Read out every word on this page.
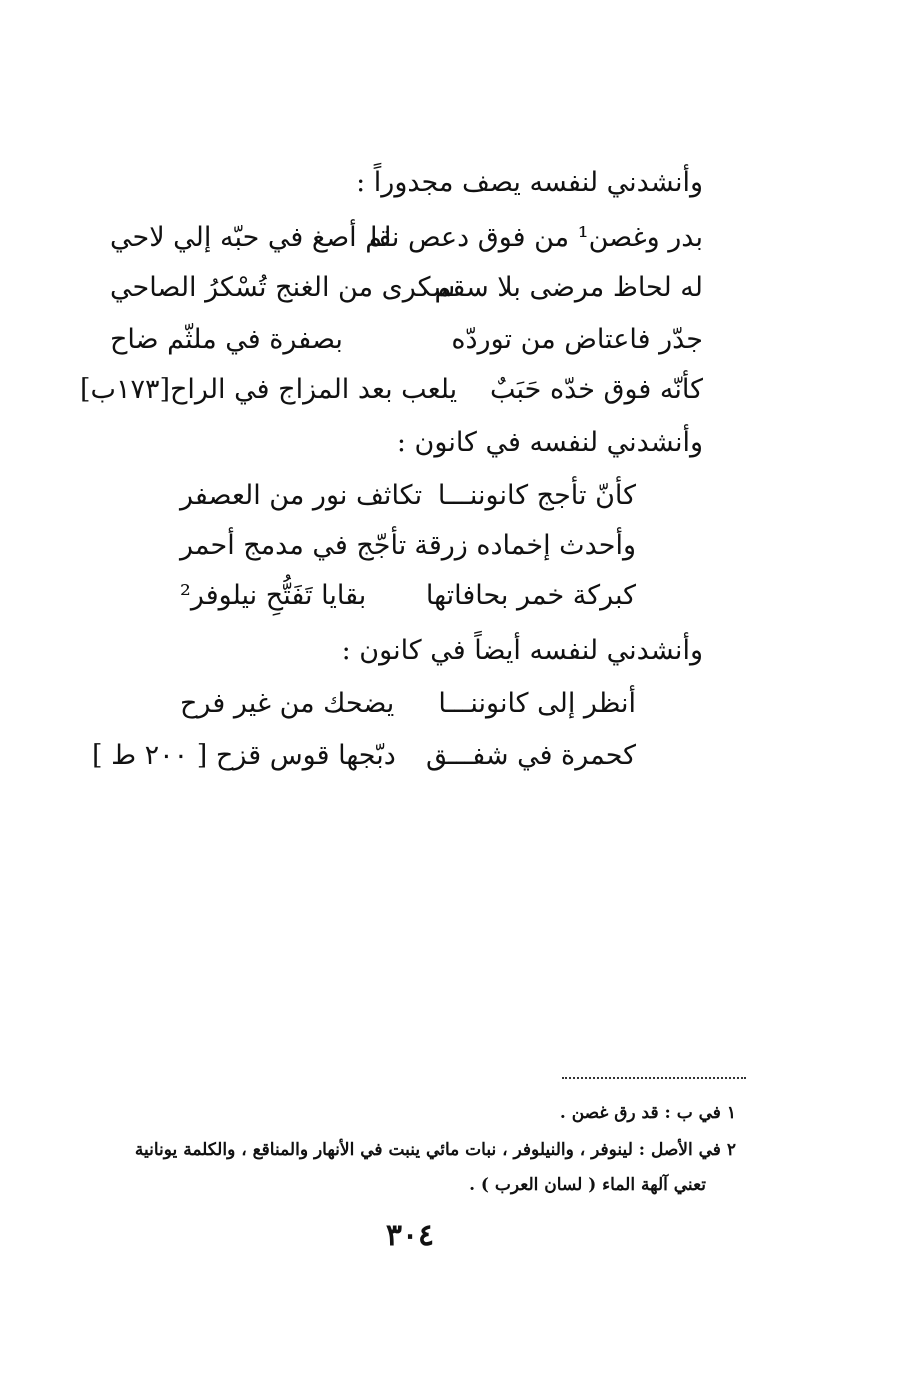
وأنشدني لنفسه يصف مجدوراً :
بدر وغصن¹ من فوق دعص نقا
لم أصغ في حبّه إلي لاحي
له لحاظ مرضى بلا سقم
سكرى من الغنج تُسْكرُ الصاحي
جدّر فاعتاض من توردّه
بصفرة في ملثّم ضاح
كأنّه فوق خدّه حَبَبٌ
يلعب بعد المزاج في الراح[١٧٣ب]
وأنشدني لنفسه في كانون :
كأنّ تأجج كانوننـــا
تكاثف نور من العصفر
وأحدث إخماده زرقة
تأجّج في مدمج أحمر
كبركة خمر بحافاتها
بقايا تَفَتُّحِ نيلوفر²
وأنشدني لنفسه أيضاً في كانون :
أنظر إلى كانوننـــا
يضحك من غير فرح
كحمرة في شفـــق
دبّجها قوس قزح [ ٢٠٠ ط ]
١ في ب : قد رق غصن .
٢ في الأصل : لينوفر ، والنيلوفر ، نبات مائي ينبت في الأنهار والمناقع ، والكلمة يونانية
تعني آلهة الماء ( لسان العرب ) .
٣٠٤
